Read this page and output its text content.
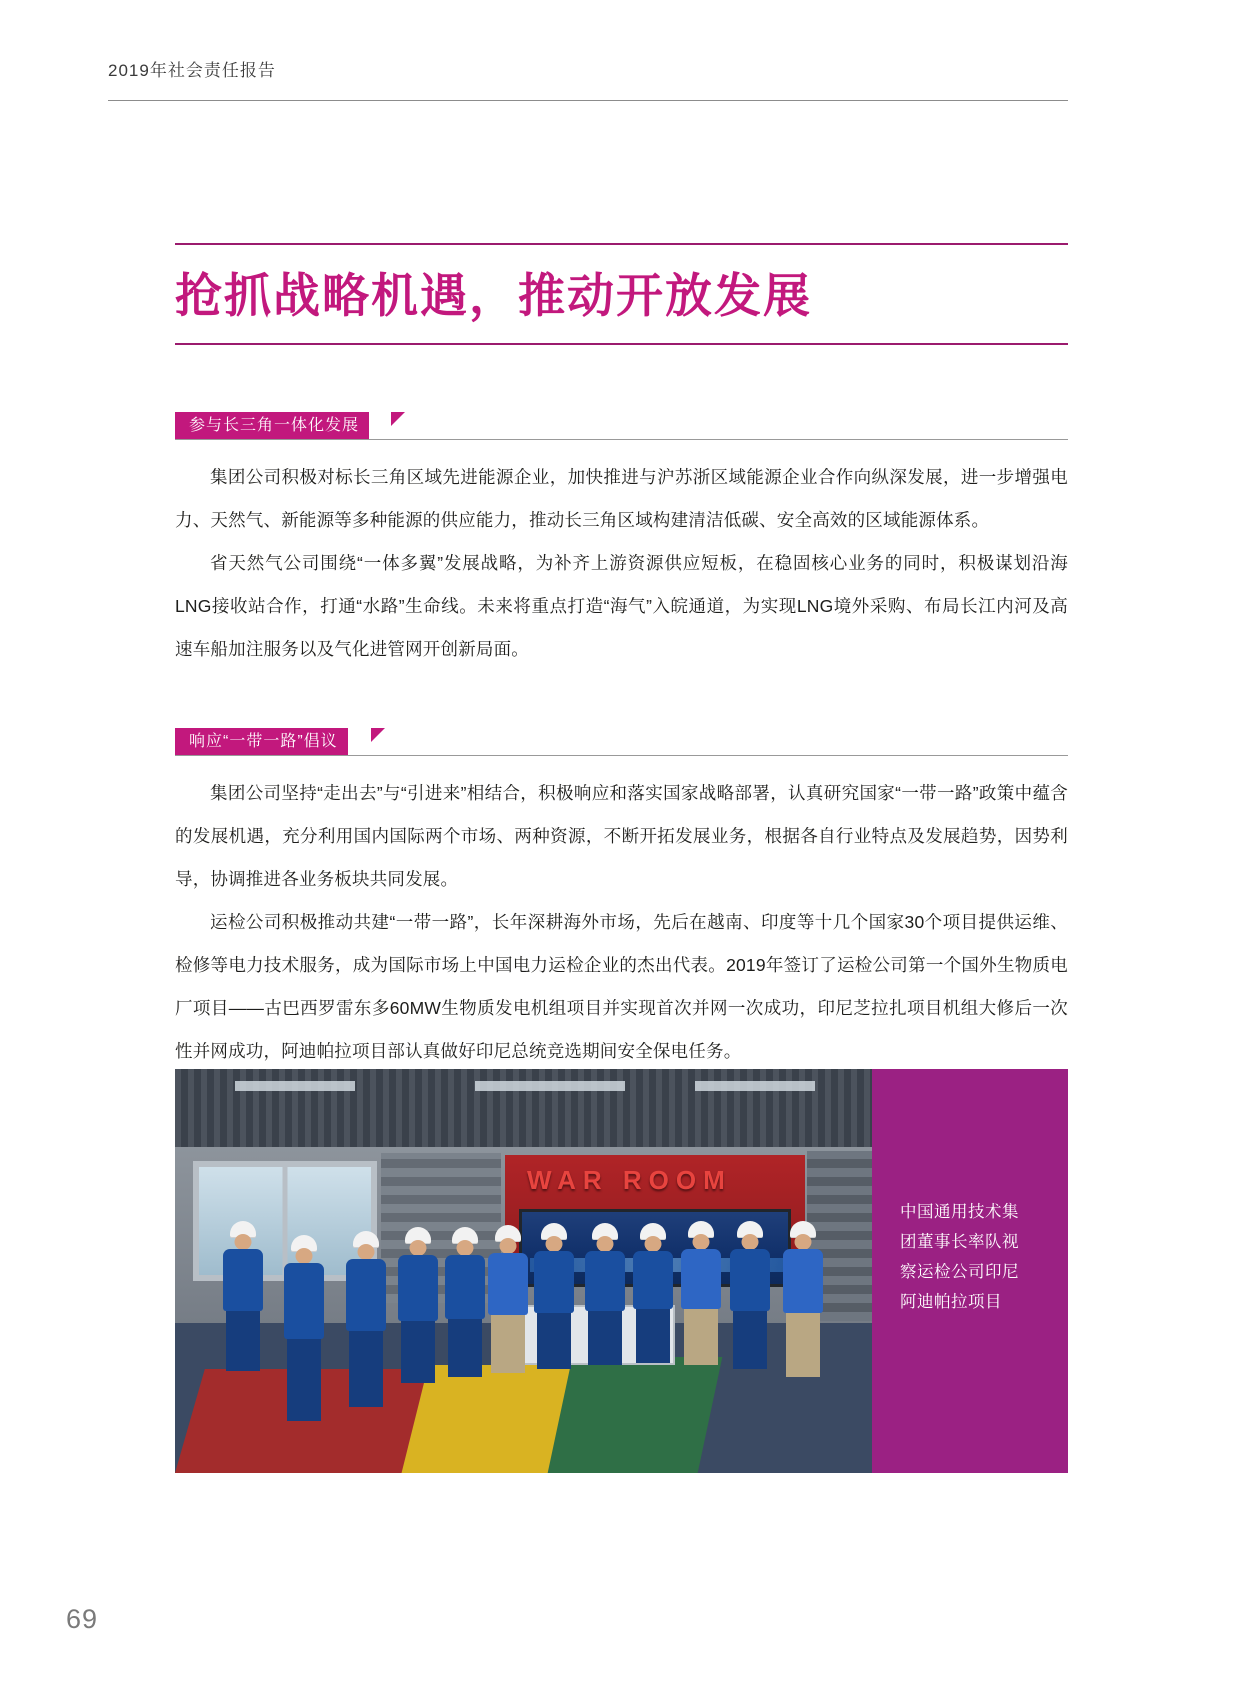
2019年社会责任报告
抢抓战略机遇，推动开放发展
参与长三角一体化发展
集团公司积极对标长三角区域先进能源企业，加快推进与沪苏浙区域能源企业合作向纵深发展，进一步增强电力、天然气、新能源等多种能源的供应能力，推动长三角区域构建清洁低碳、安全高效的区域能源体系。
省天然气公司围绕“一体多翼”发展战略，为补齐上游资源供应短板，在稳固核心业务的同时，积极谋划沿海LNG接收站合作，打通“水路”生命线。未来将重点打造“海气”入皖通道，为实现LNG境外采购、布局长江内河及高速车船加注服务以及气化进管网开创新局面。
响应“一带一路”倡议
集团公司坚持“走出去”与“引进来”相结合，积极响应和落实国家战略部署，认真研究国家“一带一路”政策中蕴含的发展机遇，充分利用国内国际两个市场、两种资源，不断开拓发展业务，根据各自行业特点及发展趋势，因势利导，协调推进各业务板块共同发展。
运检公司积极推动共建“一带一路”，长年深耕海外市场，先后在越南、印度等十几个国家30个项目提供运维、检修等电力技术服务，成为国际市场上中国电力运检企业的杰出代表。2019年签订了运检公司第一个国外生物质电厂项目——古巴西罗雷东多60MW生物质发电机组项目并实现首次并网一次成功，印尼芝拉扎项目机组大修后一次性并网成功，阿迪帕拉项目部认真做好印尼总统竞选期间安全保电任务。
WAR ROOM
中国通用技术集团董事长率队视察运检公司印尼阿迪帕拉项目
69
